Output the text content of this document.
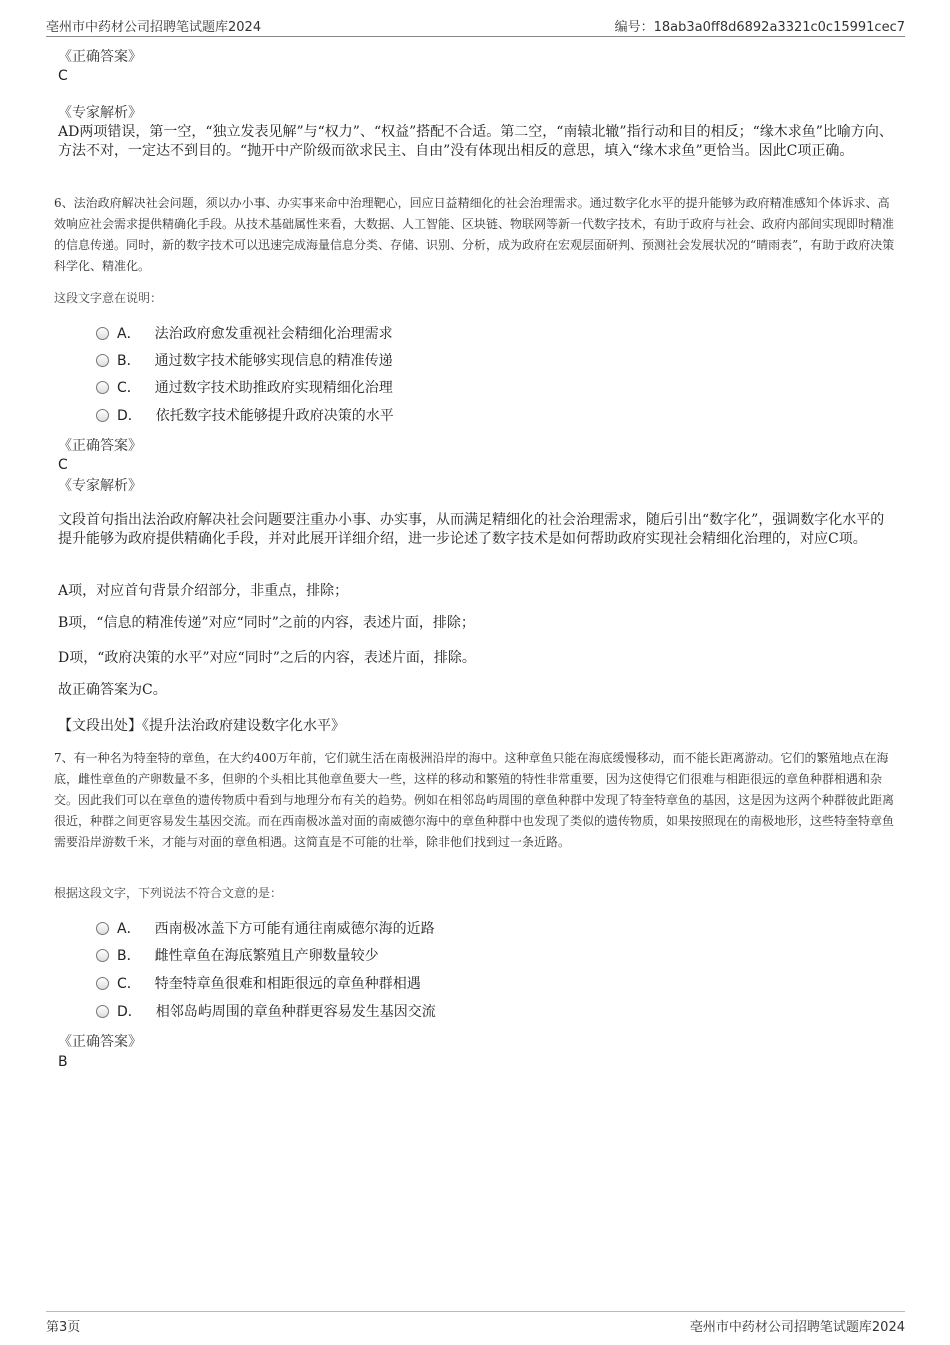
亳州市中药材公司招聘笔试题库2024	编号：18ab3a0ff8d6892a3321c0c15991cec7
《正确答案》
C
《专家解析》
AD两项错误，第一空，“独立发表见解”与“权力”、“权益”搭配不合适。第二空，“南辕北辙”指行动和目的相反；“缘木求鱼”比喻方向、方法不对，一定达不到目的。“抛开中产阶级而欲求民主、自由”没有体现出相反的意思，填入“缘木求鱼”更恰当。因此C项正确。
6、法治政府解决社会问题，须以办小事、办实事来命中治理靶心，回应日益精细化的社会治理需求。通过数字化水平的提升能够为政府精准感知个体诉求、高效响应社会需求提供精确化手段。从技术基础属性来看，大数据、人工智能、区块链、物联网等新一代数字技术，有助于政府与社会、政府内部间实现即时精准的信息传递。同时，新的数字技术可以迅速完成海量信息分类、存储、识别、分析，成为政府在宏观层面研判、预测社会发展状况的“晴雨表”，有助于政府决策科学化、精准化。
这段文字意在说明：
A． 法治政府愈发重视社会精细化治理需求
B． 通过数字技术能够实现信息的精准传递
C． 通过数字技术助推政府实现精细化治理
D． 依托数字技术能够提升政府决策的水平
《正确答案》
C
《专家解析》
文段首句指出法治政府解决社会问题要注重办小事、办实事，从而满足精细化的社会治理需求，随后引出“数字化”，强调数字化水平的提升能够为政府提供精确化手段，并对此展开详细介绍，进一步论述了数字技术是如何帮助政府实现社会精细化治理的，对应C项。
A项，对应首句背景介绍部分，非重点，排除；
B项，“信息的精准传递”对应“同时”之前的内容，表述片面，排除；
D项，“政府决策的水平”对应“同时”之后的内容，表述片面，排除。
故正确答案为C。
【文段出处】《提升法治政府建设数字化水平》
7、有一种名为特奎特的章鱼，在大约400万年前，它们就生活在南极洲沿岸的海中。这种章鱼只能在海底缓慢移动，而不能长距离游动。它们的繁殖地点在海底，雌性章鱼的产卵数量不多，但卵的个头相比其他章鱼要大一些，这样的移动和繁殖的特性非常重要，因为这使得它们很难与相距很远的章鱼种群相遇和杂交。因此我们可以在章鱼的遗传物质中看到与地理分布有关的趋势。例如在相邻岛屿周围的章鱼种群中发现了特奎特章鱼的基因，这是因为这两个种群彼此距离很近，种群之间更容易发生基因交流。而在西南极冰盖对面的南威德尔海中的章鱼种群中也发现了类似的遗传物质，如果按照现在的南极地形，这些特奎特章鱼需要沿岸游数千米，才能与对面的章鱼相遇。这简直是不可能的壮举，除非他们找到过一条近路。
根据这段文字，下列说法不符合文意的是：
A． 西南极冰盖下方可能有通往南威德尔海的近路
B． 雌性章鱼在海底繁殖且产卵数量较少
C． 特奎特章鱼很难和相距很远的章鱼种群相遇
D． 相邻岛屿周围的章鱼种群更容易发生基因交流
《正确答案》
B
第3页	亳州市中药材公司招聘笔试题库2024
